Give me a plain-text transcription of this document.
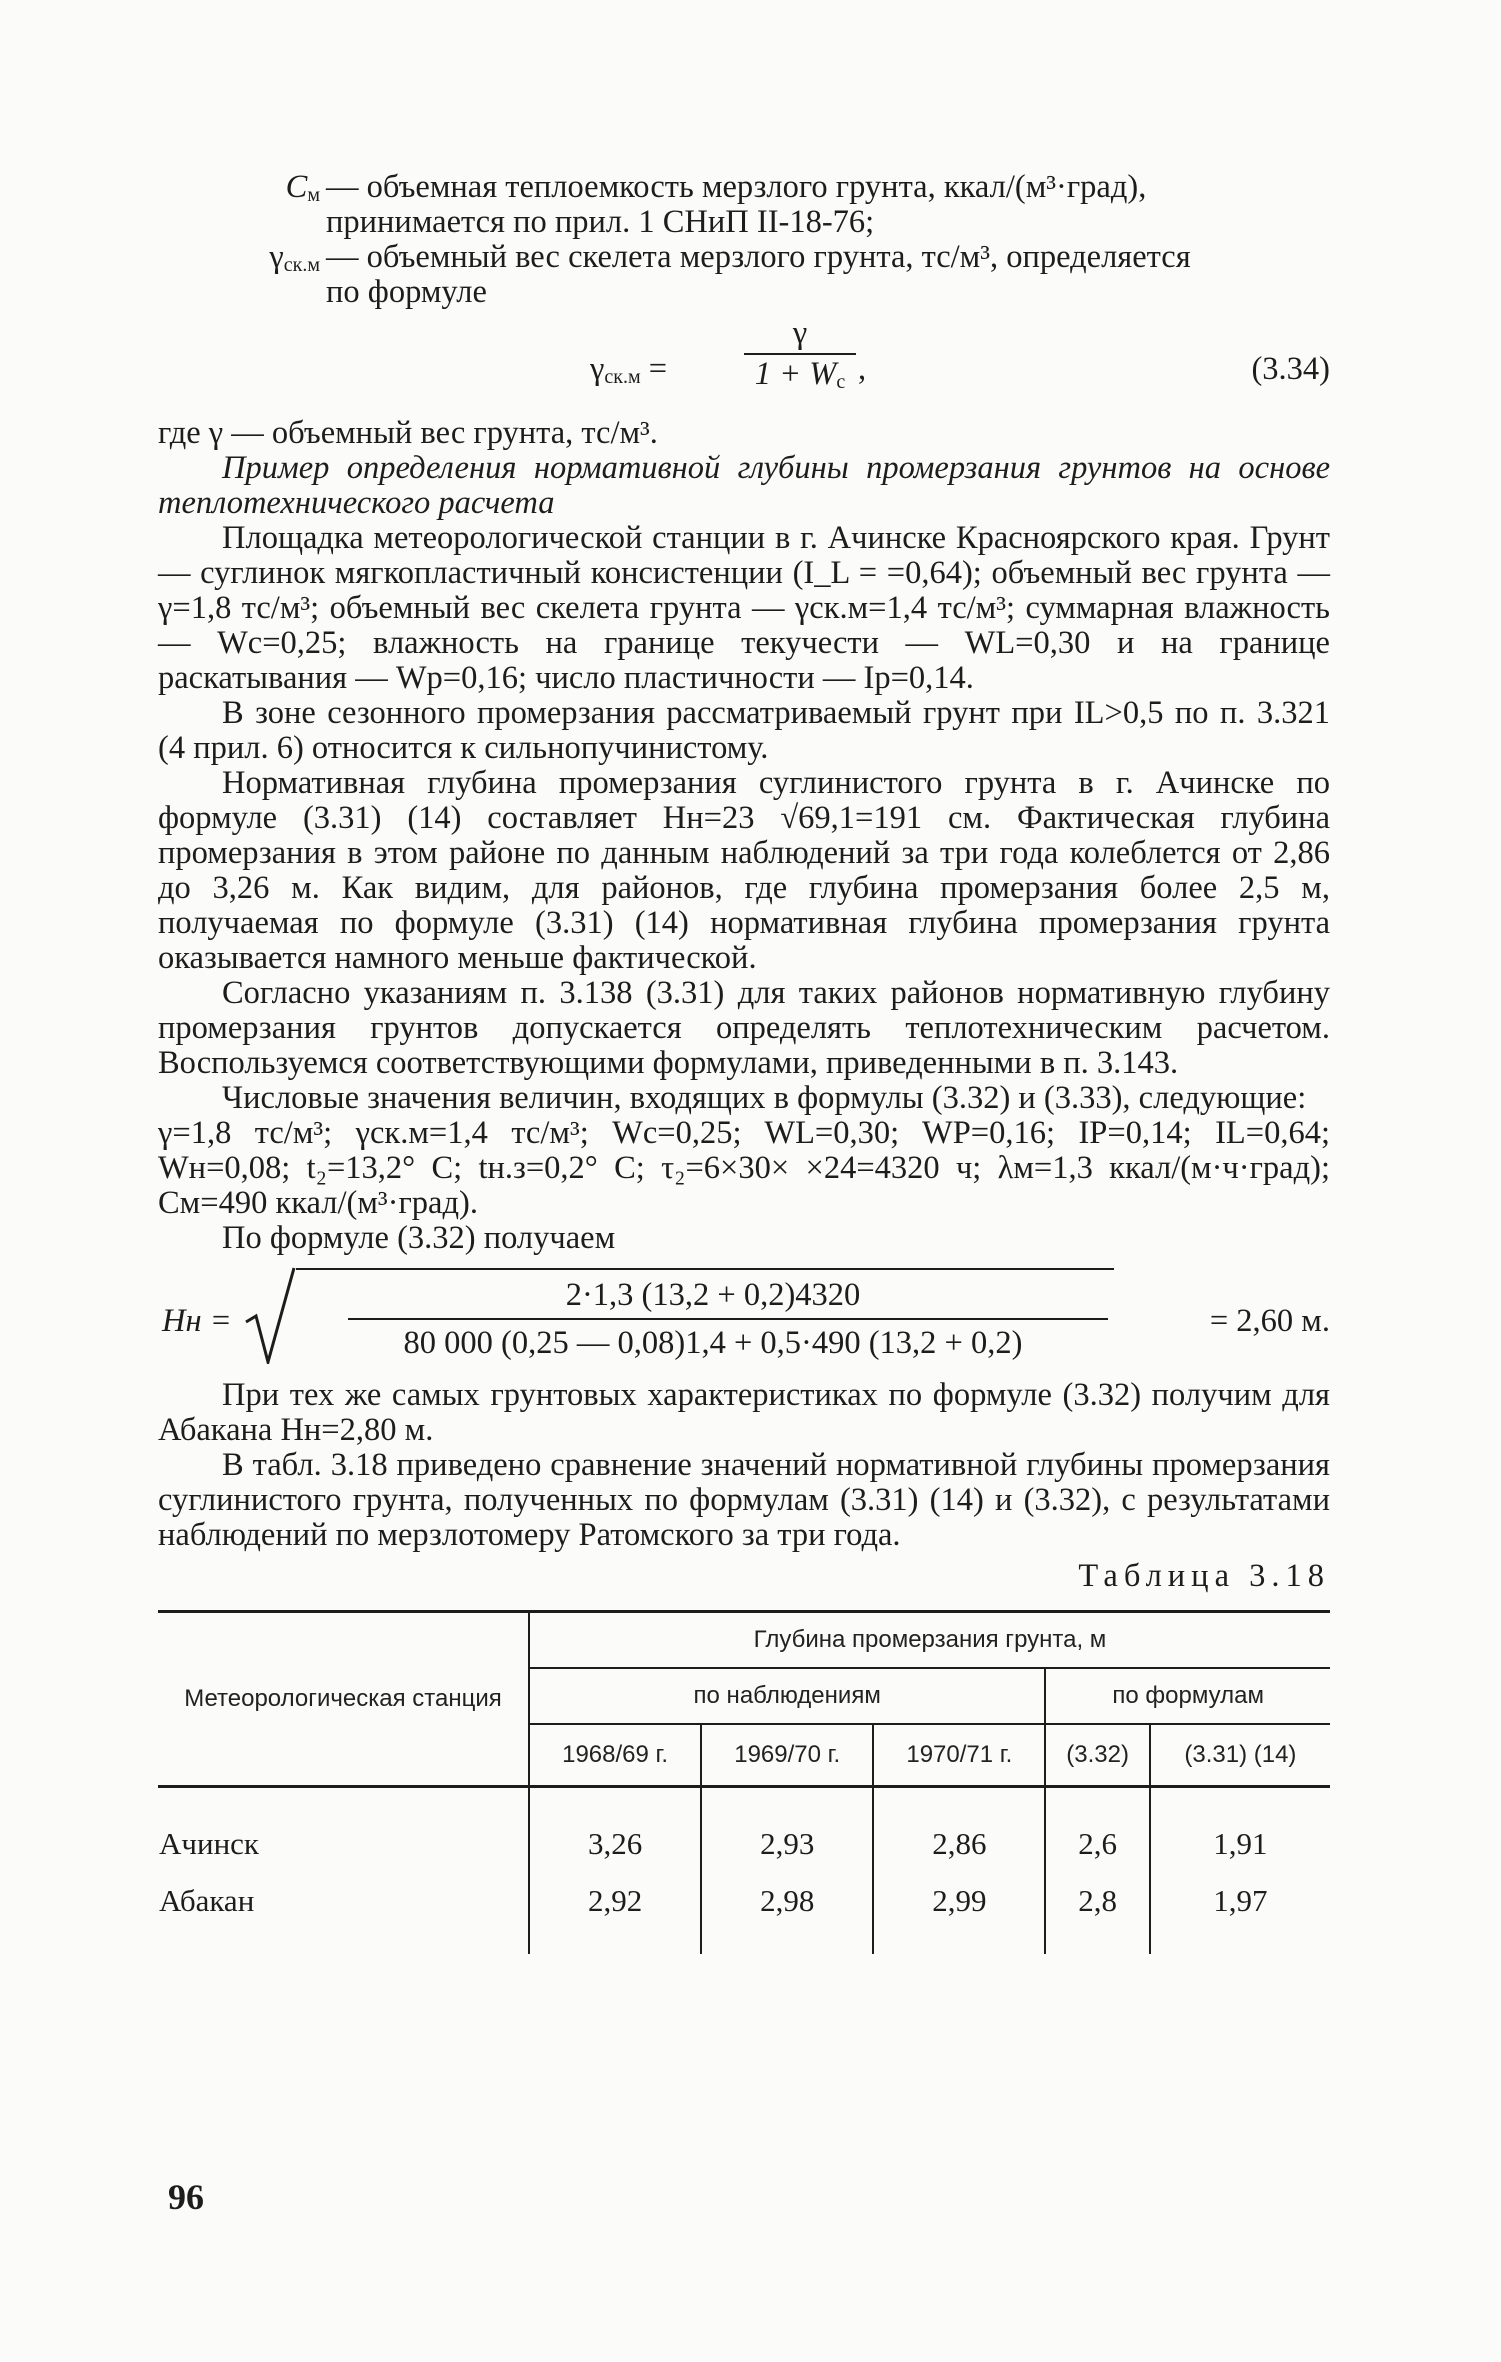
$C_м$ — объемная теплоемкость мерзлого грунта, ккал/(м³·град),
принимается по прил. 1 СНиП II-18-76;
$\gamma_{ск.м}$ — объемный вес скелета мерзлого грунта, тс/м³, определяется
по формуле
$\gamma_{ск.м} = \frac{\gamma}{1 + W_c}$ ,	(3.34)

где γ — объемный вес грунта, тс/м³.

Пример определения нормативной глубины промерзания грунтов на основе теплотехнического расчета

Площадка метеорологической станции в г. Ачинске Красноярского края. Грунт — суглинок мягкопластичный консистенции (I_L = =0,64); объемный вес грунта — γ=1,8 тс/м³; объемный вес скелета грунта — γск.м=1,4 тс/м³; суммарная влажность — Wc=0,25; влажность на границе текучести — WL=0,30 и на границе раскатывания — Wp=0,16; число пластичности — Ip=0,14.

В зоне сезонного промерзания рассматриваемый грунт при IL>0,5 по п. 3.321 (4 прил. 6) относится к сильнопучинистому.

Нормативная глубина промерзания суглинистого грунта в г. Ачинске по формуле (3.31) (14) составляет Hн=23 √69,1=191 см. Фактическая глубина промерзания в этом районе по данным наблюдений за три года колеблется от 2,86 до 3,26 м. Как видим, для районов, где глубина промерзания более 2,5 м, получаемая по формуле (3.31) (14) нормативная глубина промерзания грунта оказывается намного меньше фактической.

Согласно указаниям п. 3.138 (3.31) для таких районов нормативную глубину промерзания грунтов допускается определять теплотехническим расчетом. Воспользуемся соответствующими формулами, приведенными в п. 3.143.

Числовые значения величин, входящих в формулы (3.32) и (3.33), следующие:

γ=1,8 тс/м³; γск.м=1,4 тс/м³; Wc=0,25; WL=0,30; WP=0,16; IP=0,14; IL=0,64; Wн=0,08; t₂=13,2° С; tн.з=0,2° С; τ₂=6×30× ×24=4320 ч; λм=1,3 ккал/(м·ч·град); Cм=490 ккал/(м³·град).

По формуле (3.32) получаем

Hн =
2·1,3 (13,2 + 0,2)4320
80 000 (0,25 — 0,08)1,4 + 0,5·490 (13,2 + 0,2)
= 2,60 м.

При тех же самых грунтовых характеристиках по формуле (3.32) получим для Абакана Hн=2,80 м.

В табл. 3.18 приведено сравнение значений нормативной глубины промерзания суглинистого грунта, полученных по формулам (3.31) (14) и (3.32), с результатами наблюдений по мерзлотомеру Ратомского за три года.

Таблица 3.18
Метеорологическая станция	Глубина промерзания грунта, м				
	по наблюдениям			по формулам	
	1968/69 г.	1969/70 г.	1970/71 г.	(3.32)	(3.31) (14)
Ачинск	3,26	2,93	2,86	2,6	1,91
Абакан	2,92	2,98	2,99	2,8	1,97
96
